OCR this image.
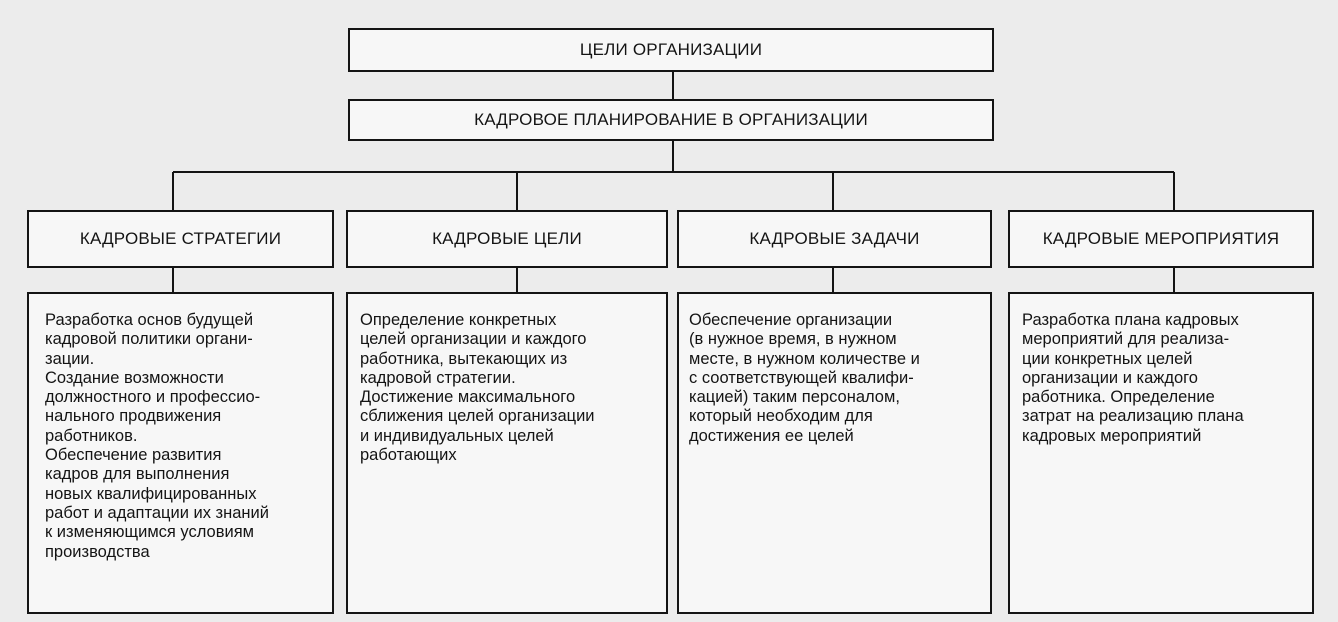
ЦЕЛИ ОРГАНИЗАЦИИ
КАДРОВОЕ ПЛАНИРОВАНИЕ В ОРГАНИЗАЦИИ
КАДРОВЫЕ СТРАТЕГИИ	КАДРОВЫЕ ЦЕЛИ	КАДРОВЫЕ ЗАДАЧИ	КАДРОВЫЕ МЕРОПРИЯТИЯ
Разработка основ будущей
кадровой политики органи-
зации.
Создание возможности
должностного и профессио-
нального продвижения
работников.
Обеспечение развития
кадров для выполнения
новых квалифицированных
работ и адаптации их знаний
к изменяющимся условиям
производства
Определение конкретных
целей организации и каждого
работника, вытекающих из
кадровой стратегии.
Достижение максимального
сближения целей организации
и индивидуальных целей
работающих
Обеспечение организации
(в нужное время, в нужном
месте, в нужном количестве и
с соответствующей квалифи-
кацией) таким персоналом,
который необходим для
достижения ее целей
Разработка плана кадровых
мероприятий для реализа-
ции конкретных целей
организации и каждого
работника. Определение
затрат на реализацию плана
кадровых мероприятий
